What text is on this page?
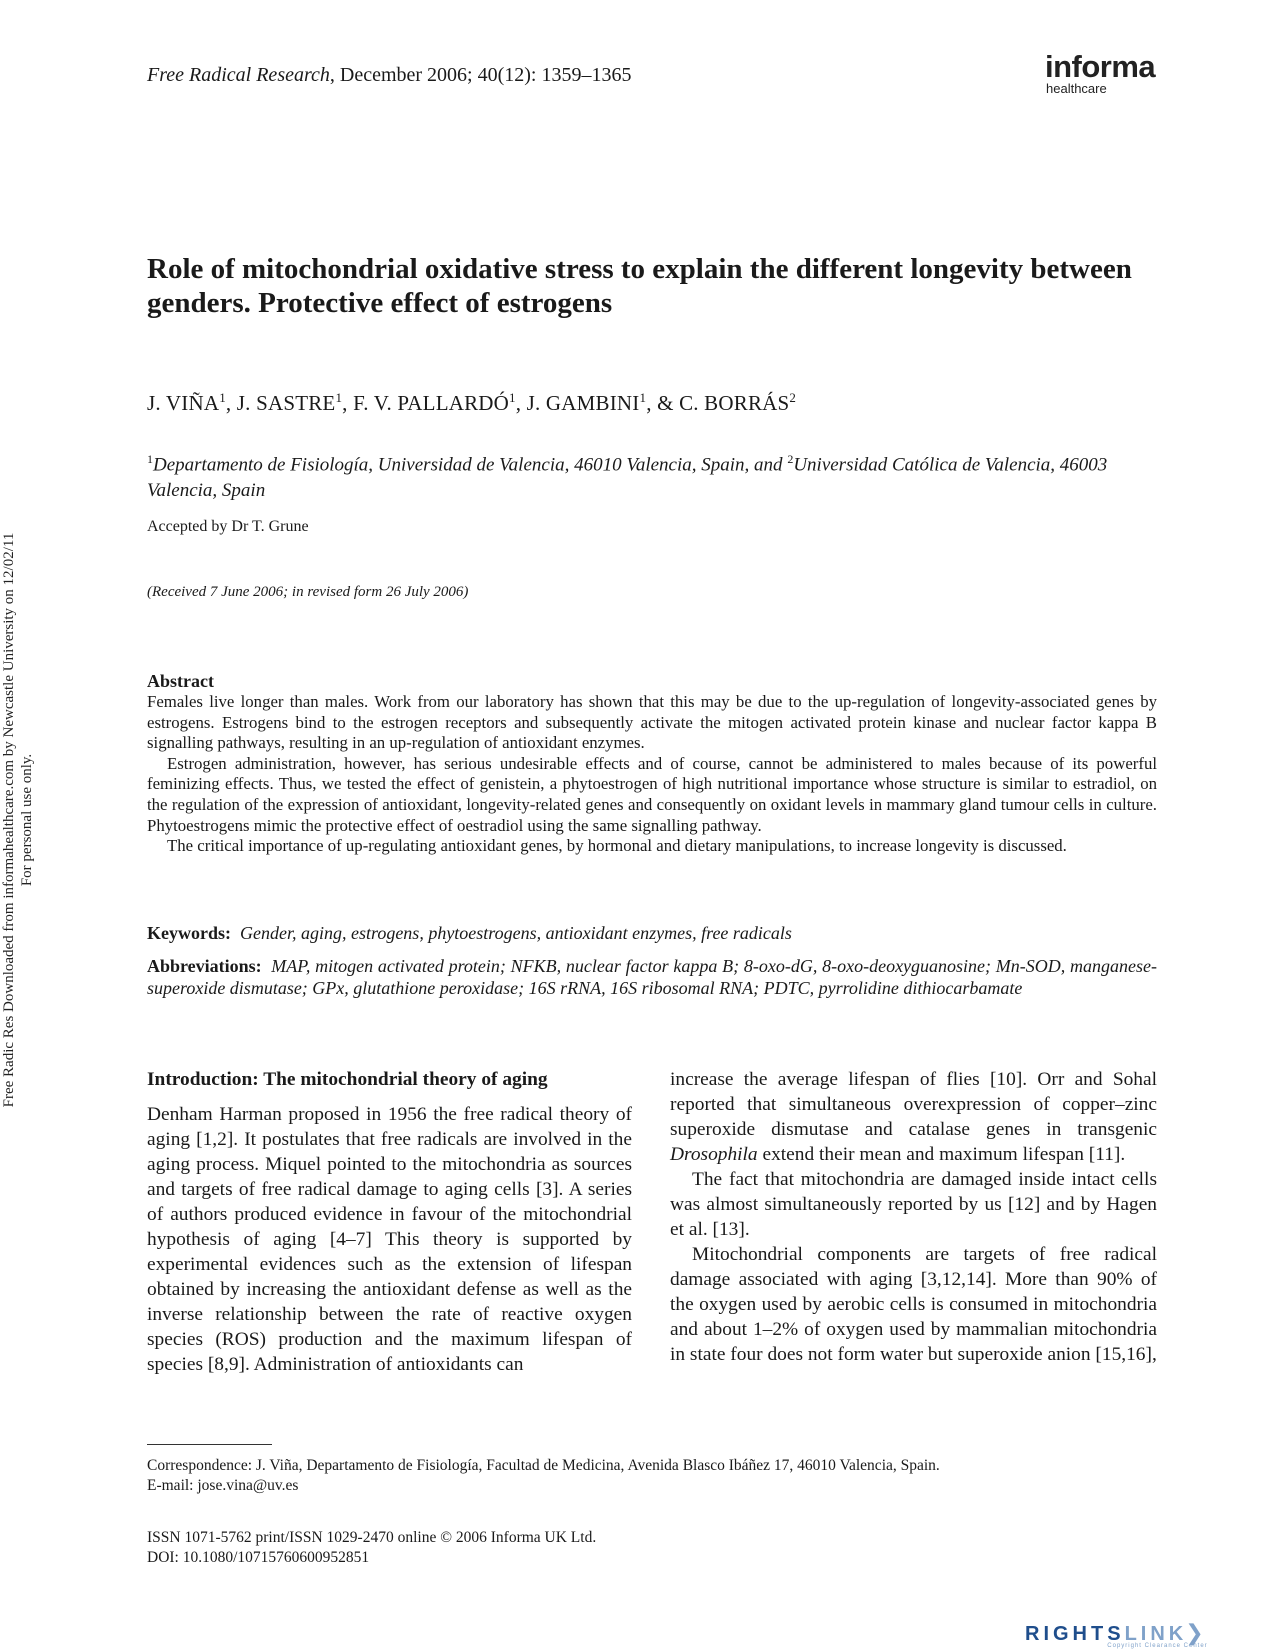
Free Radic Res Downloaded from informahealthcare.com by Newcastle University on 12/02/11 For personal use only.
Free Radical Research, December 2006; 40(12): 1359–1365	informa
healthcare
Role of mitochondrial oxidative stress to explain the different longevity between genders. Protective effect of estrogens
J. VIÑA$^1$, J. SASTRE$^1$, F. V. PALLARDÓ$^1$, J. GAMBINI$^1$, & C. BORRÁS$^2$
$^1$Departamento de Fisiología, Universidad de Valencia, 46010 Valencia, Spain, and $^2$Universidad Católica de Valencia, 46003 Valencia, Spain
Accepted by Dr T. Grune
(Received 7 June 2006; in revised form 26 July 2006)
Abstract

Females live longer than males. Work from our laboratory has shown that this may be due to the up-regulation of longevity-associated genes by estrogens. Estrogens bind to the estrogen receptors and subsequently activate the mitogen activated protein kinase and nuclear factor kappa B signalling pathways, resulting in an up-regulation of antioxidant enzymes.

Estrogen administration, however, has serious undesirable effects and of course, cannot be administered to males because of its powerful feminizing effects. Thus, we tested the effect of genistein, a phytoestrogen of high nutritional importance whose structure is similar to estradiol, on the regulation of the expression of antioxidant, longevity-related genes and consequently on oxidant levels in mammary gland tumour cells in culture. Phytoestrogens mimic the protective effect of oestradiol using the same signalling pathway.

The critical importance of up-regulating antioxidant genes, by hormonal and dietary manipulations, to increase longevity is discussed.

Keywords: Gender, aging, estrogens, phytoestrogens, antioxidant enzymes, free radicals
Abbreviations: MAP, mitogen activated protein; NFKB, nuclear factor kappa B; 8-oxo-dG, 8-oxo-deoxyguanosine; Mn-SOD, manganese-superoxide dismutase; GPx, glutathione peroxidase; 16S rRNA, 16S ribosomal RNA; PDTC, pyrrolidine dithiocarbamate

Introduction: The mitochondrial theory of aging

Denham Harman proposed in 1956 the free radical theory of aging [1,2]. It postulates that free radicals are involved in the aging process. Miquel pointed to the mitochondria as sources and targets of free radical damage to aging cells [3]. A series of authors produced evidence in favour of the mitochondrial hypothesis of aging [4–7] This theory is supported by experimental evidences such as the extension of lifespan obtained by increasing the antioxidant defense as well as the inverse relationship between the rate of reactive oxygen species (ROS) production and the maximum lifespan of species [8,9]. Administration of antioxidants can

increase the average lifespan of flies [10]. Orr and Sohal reported that simultaneous overexpression of copper–zinc superoxide dismutase and catalase genes in transgenic Drosophila extend their mean and maximum lifespan [11].

The fact that mitochondria are damaged inside intact cells was almost simultaneously reported by us [12] and by Hagen et al. [13].

Mitochondrial components are targets of free radical damage associated with aging [3,12,14]. More than 90% of the oxygen used by aerobic cells is consumed in mitochondria and about 1–2% of oxygen used by mammalian mitochondria in state four does not form water but superoxide anion [15,16],

Correspondence: J. Viña, Departamento de Fisiología, Facultad de Medicina, Avenida Blasco Ibáñez 17, 46010 Valencia, Spain.
E-mail: jose.vina@uv.es
ISSN 1071-5762 print/ISSN 1029-2470 online © 2006 Informa UK Ltd.
DOI: 10.1080/10715760600952851
RIGHTSLINK❯
Copyright Clearance Center
